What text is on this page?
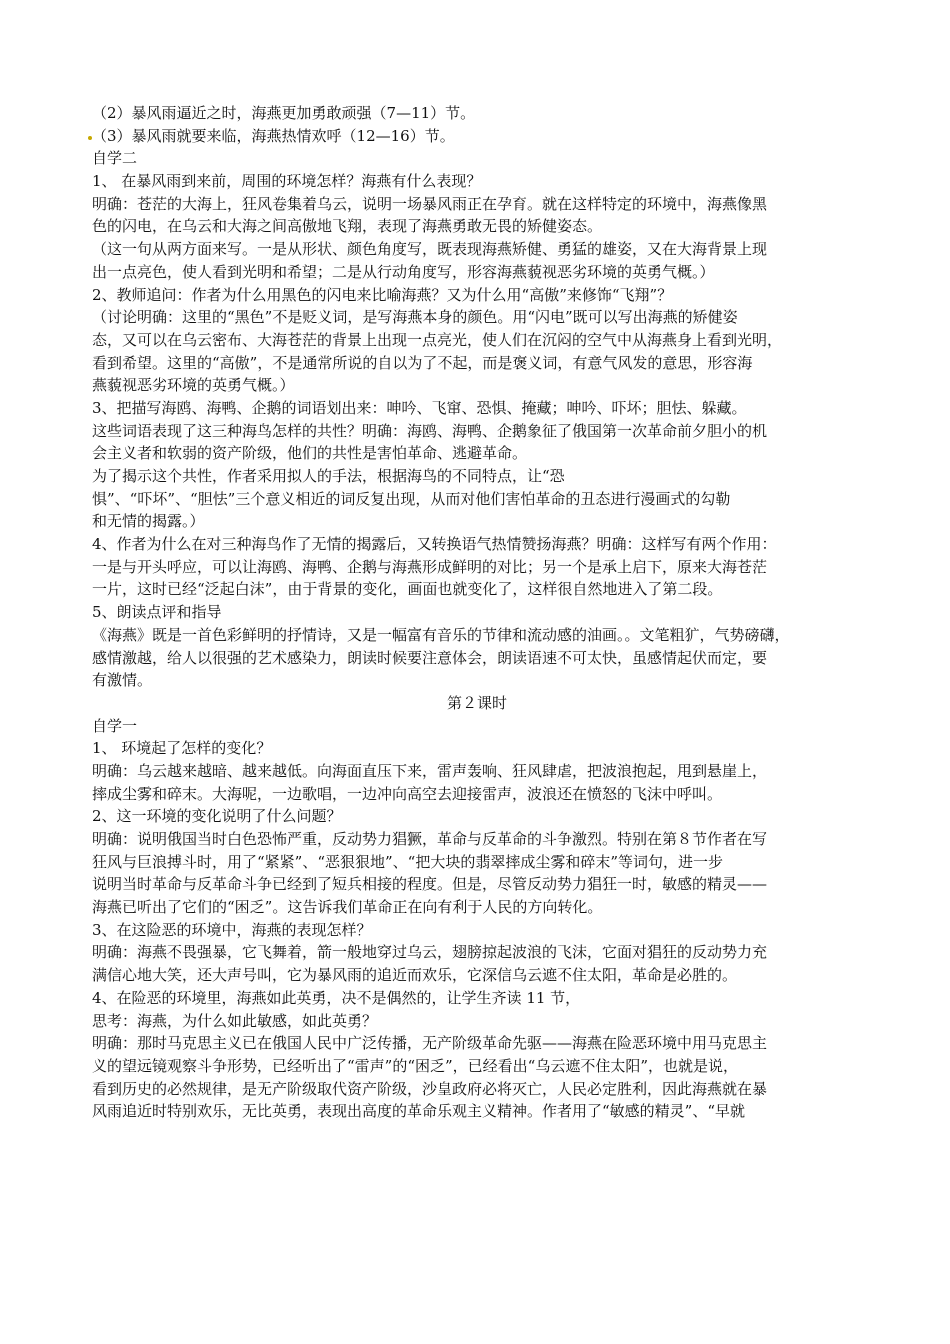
（2）暴风雨逼近之时，海燕更加勇敢顽强（7—11）节。
（3）暴风雨就要来临，海燕热情欢呼（12—16）节。
自学二
1、 在暴风雨到来前，周围的环境怎样？海燕有什么表现？
明确：苍茫的大海上，狂风卷集着乌云，说明一场暴风雨正在孕育。就在这样特定的环境中，海燕像黑
色的闪电，在乌云和大海之间高傲地飞翔，表现了海燕勇敢无畏的矫健姿态。
（这一句从两方面来写。一是从形状、颜色角度写，既表现海燕矫健、勇猛的雄姿，又在大海背景上现
出一点亮色，使人看到光明和希望；二是从行动角度写，形容海燕藐视恶劣环境的英勇气概。）
2、教师追问：作者为什么用黑色的闪电来比喻海燕？又为什么用“高傲”来修饰“飞翔”？
（讨论明确：这里的“黑色”不是贬义词，是写海燕本身的颜色。用“闪电”既可以写出海燕的矫健姿
态，又可以在乌云密布、大海苍茫的背景上出现一点亮光，使人们在沉闷的空气中从海燕身上看到光明，
看到希望。这里的“高傲”，不是通常所说的自以为了不起，而是褒义词，有意气风发的意思，形容海
燕藐视恶劣环境的英勇气概。）
3、把描写海鸥、海鸭、企鹅的词语划出来：呻吟、飞窜、恐惧、掩藏；呻吟、吓坏；胆怯、躲藏。
这些词语表现了这三种海鸟怎样的共性？明确：海鸥、海鸭、企鹅象征了俄国第一次革命前夕胆小的机
会主义者和软弱的资产阶级，他们的共性是害怕革命、逃避革命。
为了揭示这个共性，作者采用拟人的手法，根据海鸟的不同特点，让“恐
惧”、“吓坏”、“胆怯”三个意义相近的词反复出现，从而对他们害怕革命的丑态进行漫画式的勾勒
和无情的揭露。）
4、作者为什么在对三种海鸟作了无情的揭露后，又转换语气热情赞扬海燕？明确：这样写有两个作用：
一是与开头呼应，可以让海鸥、海鸭、企鹅与海燕形成鲜明的对比；另一个是承上启下，原来大海苍茫
一片，这时已经“泛起白沫”，由于背景的变化，画面也就变化了，这样很自然地进入了第二段。
5、朗读点评和指导
《海燕》既是一首色彩鲜明的抒情诗，又是一幅富有音乐的节律和流动感的油画。。文笔粗犷，气势磅礴，
感情激越，给人以很强的艺术感染力，朗读时候要注意体会，朗读语速不可太快，虽感情起伏而定，要
有激情。
第２课时
自学一
1、 环境起了怎样的变化？
明确：乌云越来越暗、越来越低。向海面直压下来，雷声轰响、狂风肆虐，把波浪抱起，甩到悬崖上，
摔成尘雾和碎末。大海呢，一边歌唱，一边冲向高空去迎接雷声，波浪还在愤怒的飞沫中呼叫。
2、这一环境的变化说明了什么问题？
明确：说明俄国当时白色恐怖严重，反动势力猖獗，革命与反革命的斗争激烈。特别在第８节作者在写
狂风与巨浪搏斗时，用了“紧紧”、“恶狠狠地”、“把大块的翡翠摔成尘雾和碎末”等词句，进一步
说明当时革命与反革命斗争已经到了短兵相接的程度。但是，尽管反动势力猖狂一时，敏感的精灵——
海燕已听出了它们的“困乏”。这告诉我们革命正在向有利于人民的方向转化。
3、在这险恶的环境中，海燕的表现怎样？
明确：海燕不畏强暴，它飞舞着，箭一般地穿过乌云，翅膀掠起波浪的飞沫，它面对猖狂的反动势力充
满信心地大笑，还大声号叫，它为暴风雨的追近而欢乐，它深信乌云遮不住太阳，革命是必胜的。
4、在险恶的环境里，海燕如此英勇，决不是偶然的，让学生齐读 11 节，
思考：海燕，为什么如此敏感，如此英勇？
明确：那时马克思主义已在俄国人民中广泛传播，无产阶级革命先驱——海燕在险恶环境中用马克思主
义的望远镜观察斗争形势，已经听出了“雷声”的“困乏”，已经看出“乌云遮不住太阳”，也就是说，
看到历史的必然规律，是无产阶级取代资产阶级，沙皇政府必将灭亡，人民必定胜利，因此海燕就在暴
风雨追近时特别欢乐，无比英勇，表现出高度的革命乐观主义精神。作者用了“敏感的精灵”、“早就
